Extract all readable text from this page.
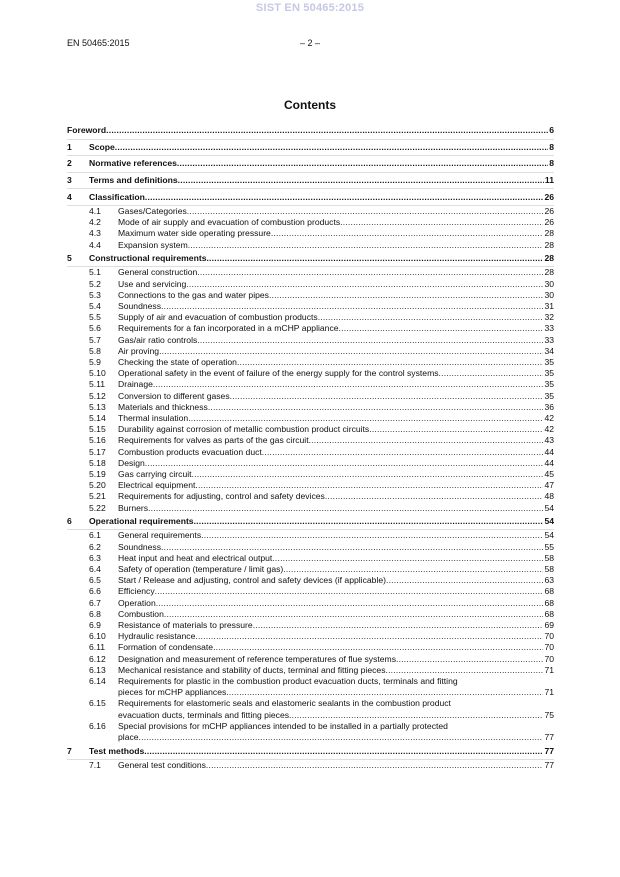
SIST EN 50465:2015
EN 50465:2015	– 2 –
Contents
Foreword .....	6
1	Scope .....	8
2	Normative references .....	8
3	Terms and definitions .....	11
4	Classification .....	26
4.1	Gases/Categories .....	26
4.2	Mode of air supply and evacuation of combustion products .....	26
4.3	Maximum water side operating pressure .....	28
4.4	Expansion system .....	28
5	Constructional requirements .....	28
5.1	General construction .....	28
5.2	Use and servicing .....	30
5.3	Connections to the gas and water pipes .....	30
5.4	Soundness .....	31
5.5	Supply of air and evacuation of combustion products .....	32
5.6	Requirements for a fan incorporated in a mCHP appliance .....	33
5.7	Gas/air ratio controls .....	33
5.8	Air proving .....	34
5.9	Checking the state of operation .....	35
5.10	Operational safety in the event of failure of the energy supply for the control systems .....	35
5.11	Drainage .....	35
5.12	Conversion to different gases .....	35
5.13	Materials and thickness .....	36
5.14	Thermal insulation .....	42
5.15	Durability against corrosion of metallic combustion product circuits .....	42
5.16	Requirements for valves as parts of the gas circuit .....	43
5.17	Combustion products evacuation duct .....	44
5.18	Design .....	44
5.19	Gas carrying circuit .....	45
5.20	Electrical equipment .....	47
5.21	Requirements for adjusting, control and safety devices .....	48
5.22	Burners .....	54
6	Operational requirements .....	54
6.1	General requirements .....	54
6.2	Soundness .....	55
6.3	Heat input and heat and electrical output .....	58
6.4	Safety of operation (temperature / limit gas) .....	58
6.5	Start / Release and adjusting, control and safety devices (if applicable) .....	63
6.6	Efficiency .....	68
6.7	Operation .....	68
6.8	Combustion .....	68
6.9	Resistance of materials to pressure .....	69
6.10	Hydraulic resistance .....	70
6.11	Formation of condensate .....	70
6.12	Designation and measurement of reference temperatures of flue systems .....	70
6.13	Mechanical resistance and stability of ducts, terminal and fitting pieces .....	71
6.14	Requirements for plastic in the combustion product evacuation ducts, terminals and fitting
pieces for mCHP appliances .....	71
6.15	Requirements for elastomeric seals and elastomeric sealants in the combustion product
evacuation ducts, terminals and fitting pieces .....	75
6.16	Special provisions for mCHP appliances intended to be installed in a partially protected
place .....	77
7	Test methods .....	77
7.1	General test conditions .....	77
